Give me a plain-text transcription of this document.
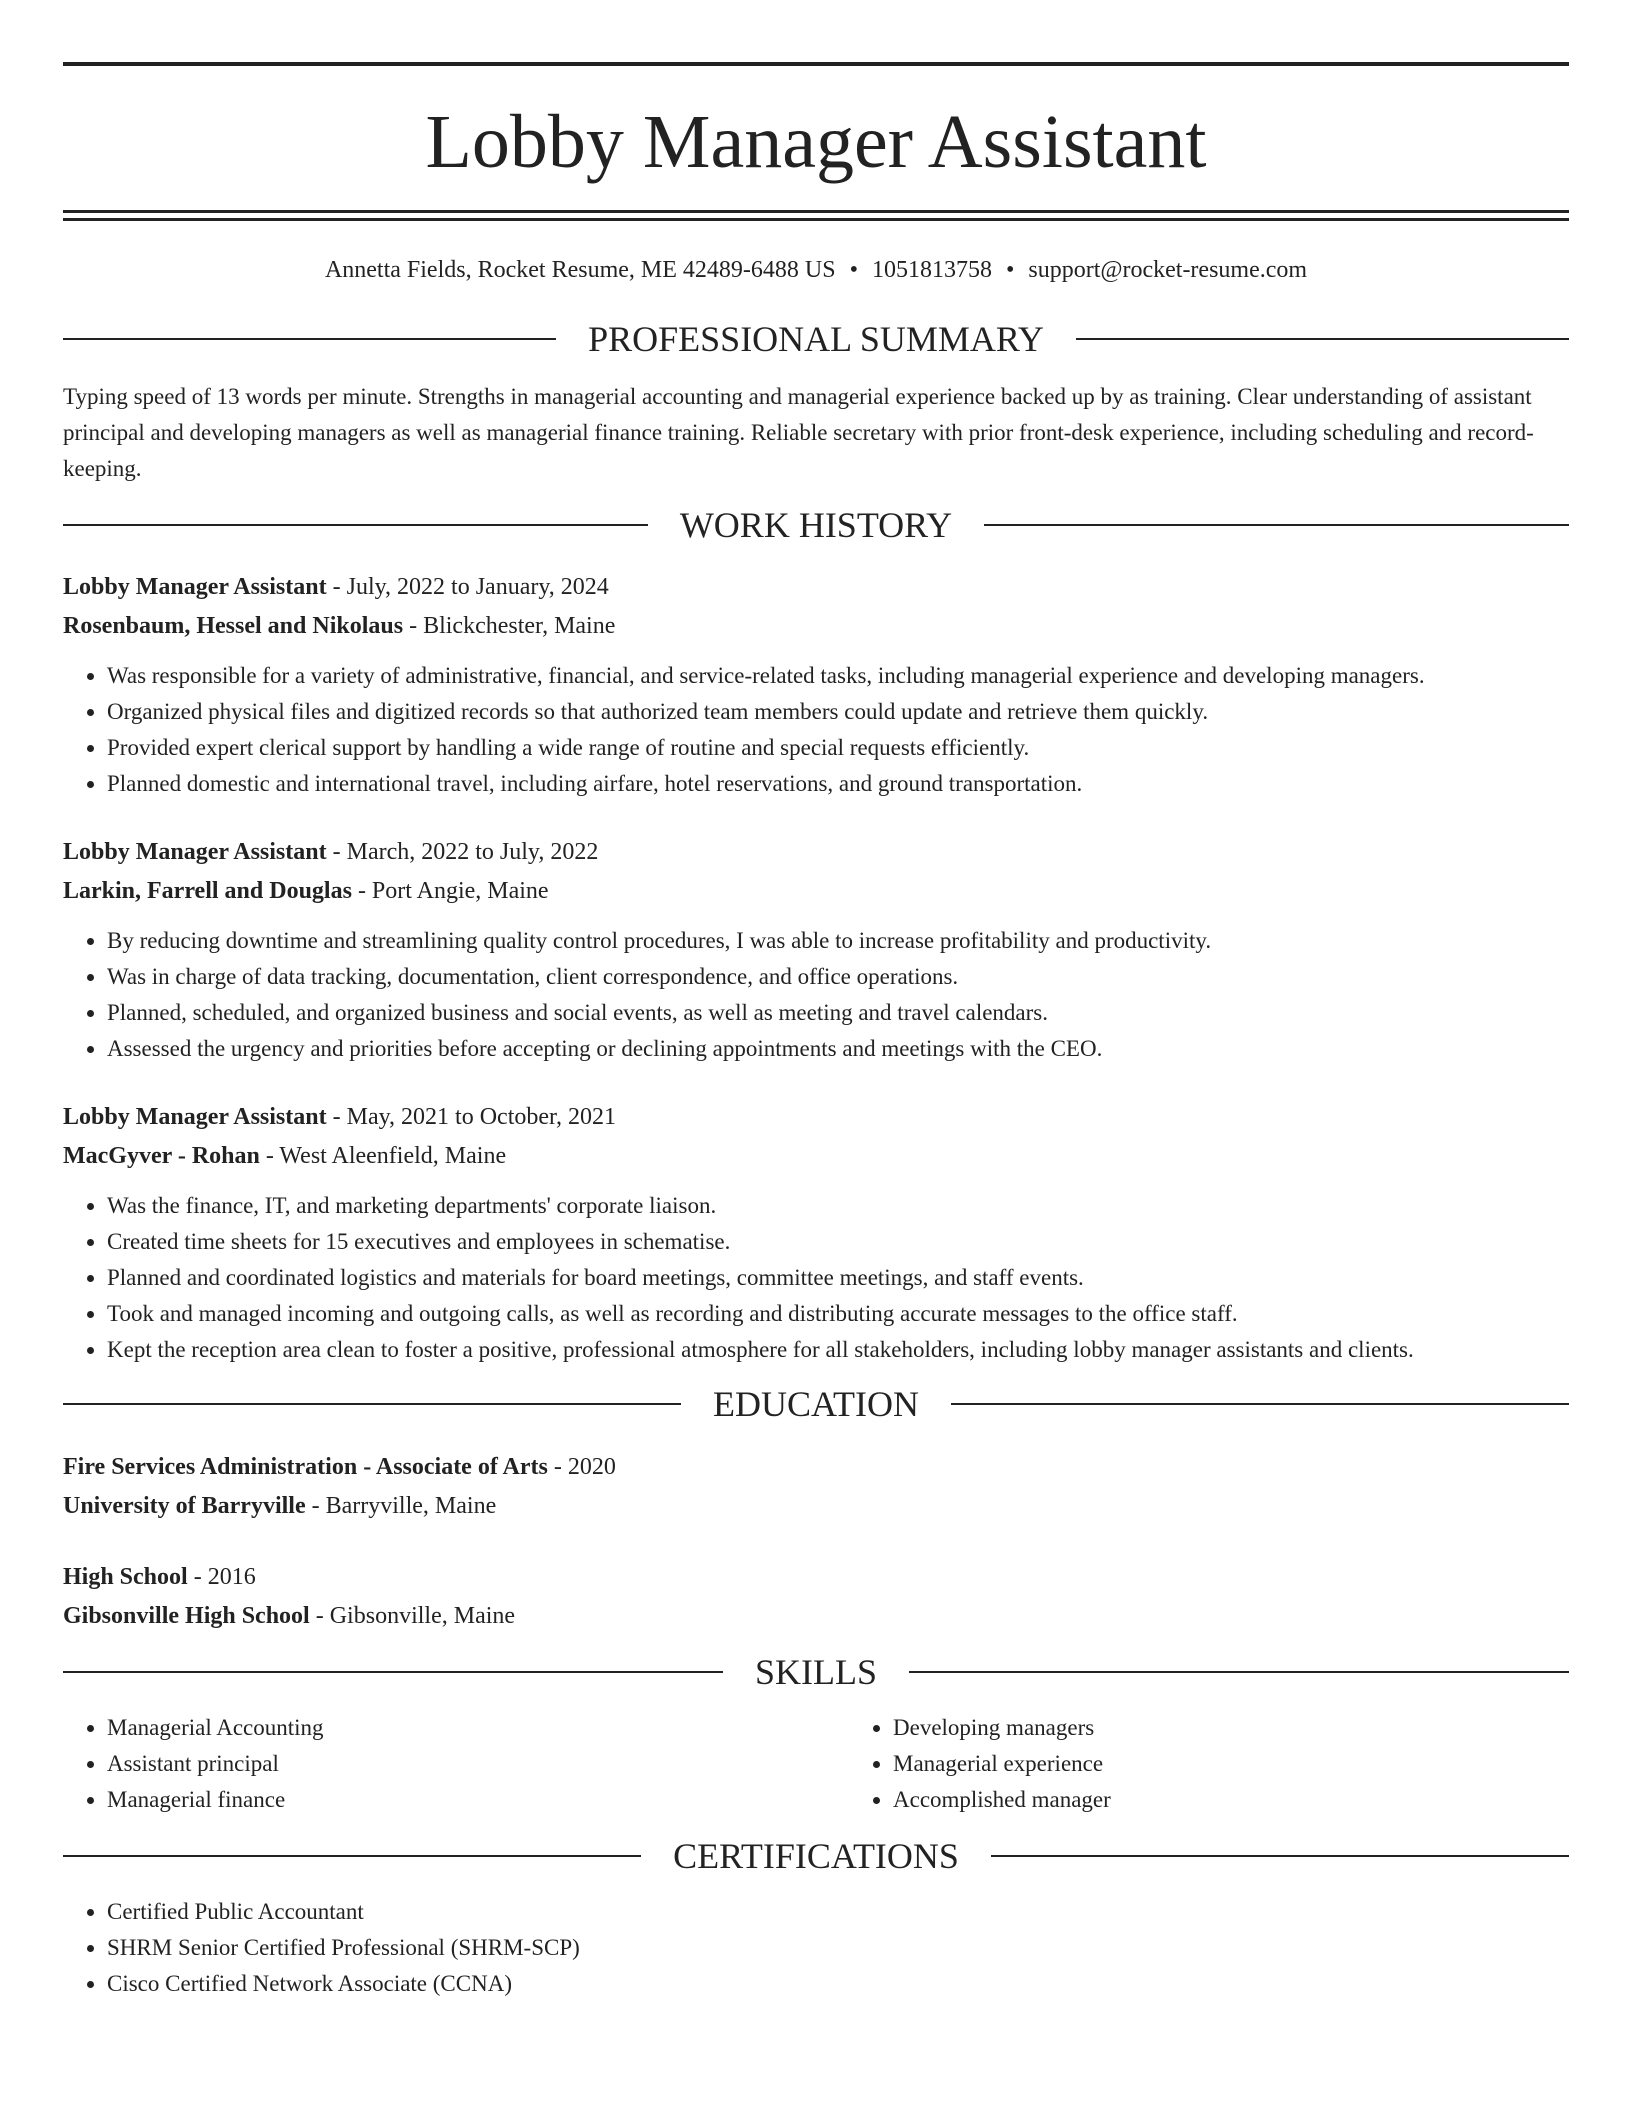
Lobby Manager Assistant
Annetta Fields, Rocket Resume, ME 42489-6488 US • 1051813758 • support@rocket-resume.com
PROFESSIONAL SUMMARY
Typing speed of 13 words per minute. Strengths in managerial accounting and managerial experience backed up by as training. Clear understanding of assistant principal and developing managers as well as managerial finance training. Reliable secretary with prior front-desk experience, including scheduling and record-keeping.
WORK HISTORY
Lobby Manager Assistant - July, 2022 to January, 2024
Rosenbaum, Hessel and Nikolaus - Blickchester, Maine
• Was responsible for a variety of administrative, financial, and service-related tasks, including managerial experience and developing managers.
• Organized physical files and digitized records so that authorized team members could update and retrieve them quickly.
• Provided expert clerical support by handling a wide range of routine and special requests efficiently.
• Planned domestic and international travel, including airfare, hotel reservations, and ground transportation.
Lobby Manager Assistant - March, 2022 to July, 2022
Larkin, Farrell and Douglas - Port Angie, Maine
• By reducing downtime and streamlining quality control procedures, I was able to increase profitability and productivity.
• Was in charge of data tracking, documentation, client correspondence, and office operations.
• Planned, scheduled, and organized business and social events, as well as meeting and travel calendars.
• Assessed the urgency and priorities before accepting or declining appointments and meetings with the CEO.
Lobby Manager Assistant - May, 2021 to October, 2021
MacGyver - Rohan - West Aleenfield, Maine
• Was the finance, IT, and marketing departments' corporate liaison.
• Created time sheets for 15 executives and employees in schematise.
• Planned and coordinated logistics and materials for board meetings, committee meetings, and staff events.
• Took and managed incoming and outgoing calls, as well as recording and distributing accurate messages to the office staff.
• Kept the reception area clean to foster a positive, professional atmosphere for all stakeholders, including lobby manager assistants and clients.
EDUCATION
Fire Services Administration - Associate of Arts - 2020
University of Barryville - Barryville, Maine
High School - 2016
Gibsonville High School - Gibsonville, Maine
SKILLS
• Managerial Accounting
• Assistant principal
• Managerial finance
• Developing managers
• Managerial experience
• Accomplished manager
CERTIFICATIONS
• Certified Public Accountant
• SHRM Senior Certified Professional (SHRM-SCP)
• Cisco Certified Network Associate (CCNA)
